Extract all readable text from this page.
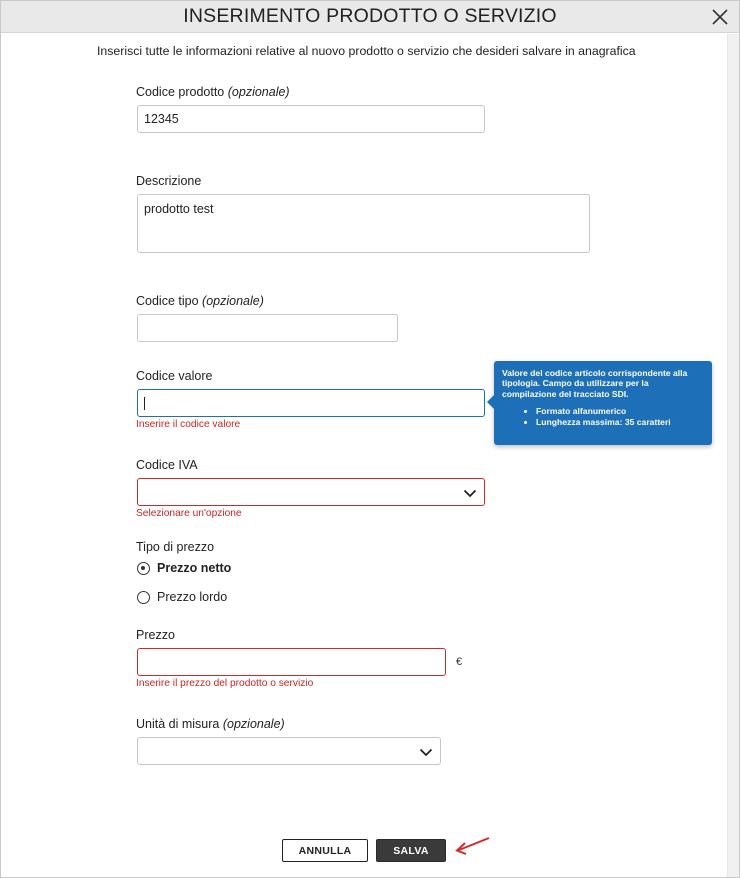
INSERIMENTO PRODOTTO O SERVIZIO
Inserisci tutte le informazioni relative al nuovo prodotto o servizio che desideri salvare in anagrafica
Codice prodotto (opzionale)
12345
Descrizione
prodotto test
Codice tipo (opzionale)
Codice valore
Inserire il codice valore
Valore del codice articolo corrispondente alla tipologia. Campo da utilizzare per la compilazione del tracciato SDI.
• Formato alfanumerico
• Lunghezza massima: 35 caratteri
Codice IVA
Selezionare un'opzione
Tipo di prezzo
Prezzo netto
Prezzo lordo
Prezzo
€
Inserire il prezzo del prodotto o servizio
Unità di misura (opzionale)
ANNULLA	SALVA
